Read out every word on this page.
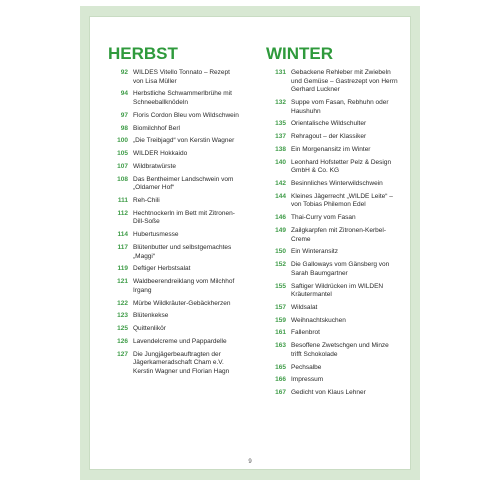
HERBST
92 WILDES Vitello Tonnato – Rezept von Lisa Müller
94 Herbstliche Schwammerlbrühe mit Schneeballknödeln
97 Floris Cordon Bleu vom Wildschwein
98 Biomilchhof Berl
100 „Die Treibjagd“ von Kerstin Wagner
105 WILDER Hokkaido
107 Wildbratwürste
108 Das Bentheimer Landschwein vom „Oldamer Hof“
111 Reh-Chili
112 Hechtnockerln im Bett mit Zitronen-Dill-Soße
114 Hubertusmesse
117 Blütenbutter und selbstgemachtes „Maggi“
119 Deftiger Herbstsalat
121 Waldbeerendreiklang vom Milchhof Irgang
122 Mürbe Wildkräuter-Gebäckherzen
123 Blütenkekse
125 Quittenlikör
126 Lavendelcreme und Pappardelle
127 Die Jungjägerbeauftragten der Jägerkameradschaft Cham e.V. Kerstin Wagner und Florian Hagn
WINTER
131 Gebackene Rehleber mit Zwiebeln und Gemüse – Gastrezept von Herrn Gerhard Luckner
132 Suppe vom Fasan, Rebhuhn oder Haushuhn
135 Orientalische Wildschulter
137 Rehragout – der Klassiker
138 Ein Morgenansitz im Winter
140 Leonhard Hofstetter Pelz & Design GmbH & Co. KG
142 Besinnliches Winterwildschwein
144 Kleines Jägerrecht „WILDE Leite“ – von Tobias Philemon Edel
146 Thai-Curry vom Fasan
149 Zailgkarpfen mit Zitronen-Kerbel-Creme
150 Ein Winteransitz
152 Die Galloways vom Gänsberg von Sarah Baumgartner
155 Saftiger Wildrücken im WILDEN Kräutermantel
157 Wildsalat
159 Weihnachtskuchen
161 Fallenbrot
163 Besoffene Zwetschgen und Minze trifft Schokolade
165 Pechsalbe
166 Impressum
167 Gedicht von Klaus Lehner
9
